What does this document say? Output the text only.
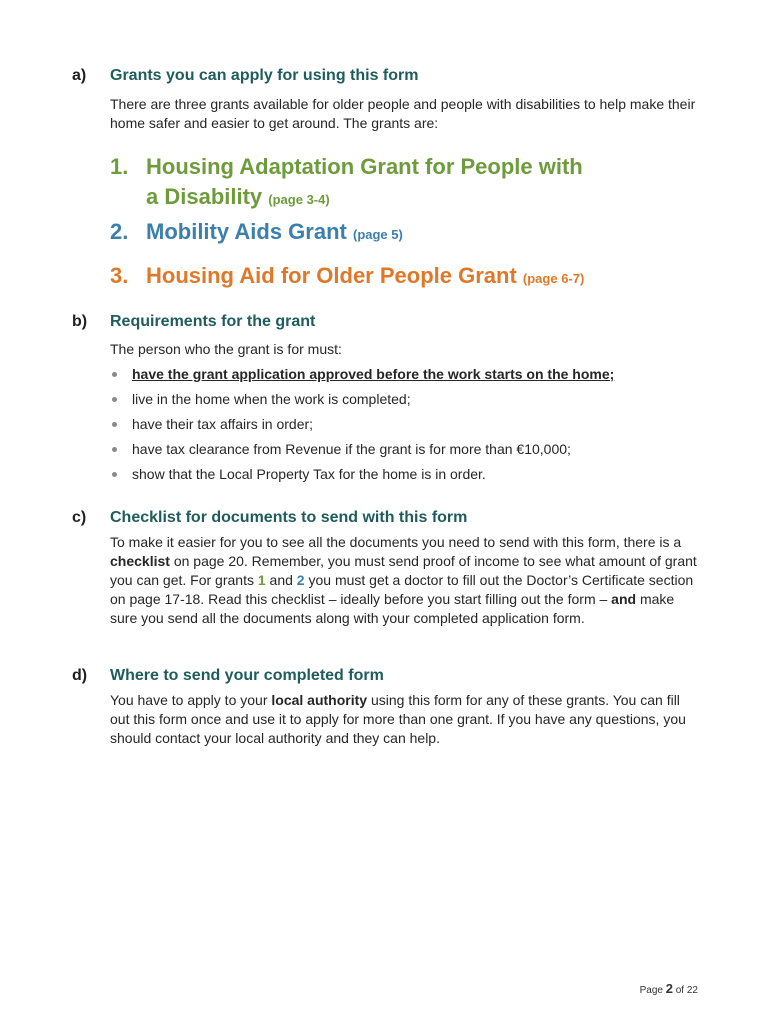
a) Grants you can apply for using this form
There are three grants available for older people and people with disabilities to help make their home safer and easier to get around. The grants are:
1. Housing Adaptation Grant for People with
a Disability (page 3-4)
2. Mobility Aids Grant (page 5)
3. Housing Aid for Older People Grant (page 6-7)
b) Requirements for the grant
The person who the grant is for must:
have the grant application approved before the work starts on the home;
live in the home when the work is completed;
have their tax affairs in order;
have tax clearance from Revenue if the grant is for more than €10,000;
show that the Local Property Tax for the home is in order.
c) Checklist for documents to send with this form
To make it easier for you to see all the documents you need to send with this form, there is a checklist on page 20. Remember, you must send proof of income to see what amount of grant you can get. For grants 1 and 2 you must get a doctor to fill out the Doctor’s Certificate section on page 17-18. Read this checklist – ideally before you start filling out the form – and make sure you send all the documents along with your completed application form.
d) Where to send your completed form
You have to apply to your local authority using this form for any of these grants. You can fill out this form once and use it to apply for more than one grant. If you have any questions, you should contact your local authority and they can help.
Page 2 of 22
